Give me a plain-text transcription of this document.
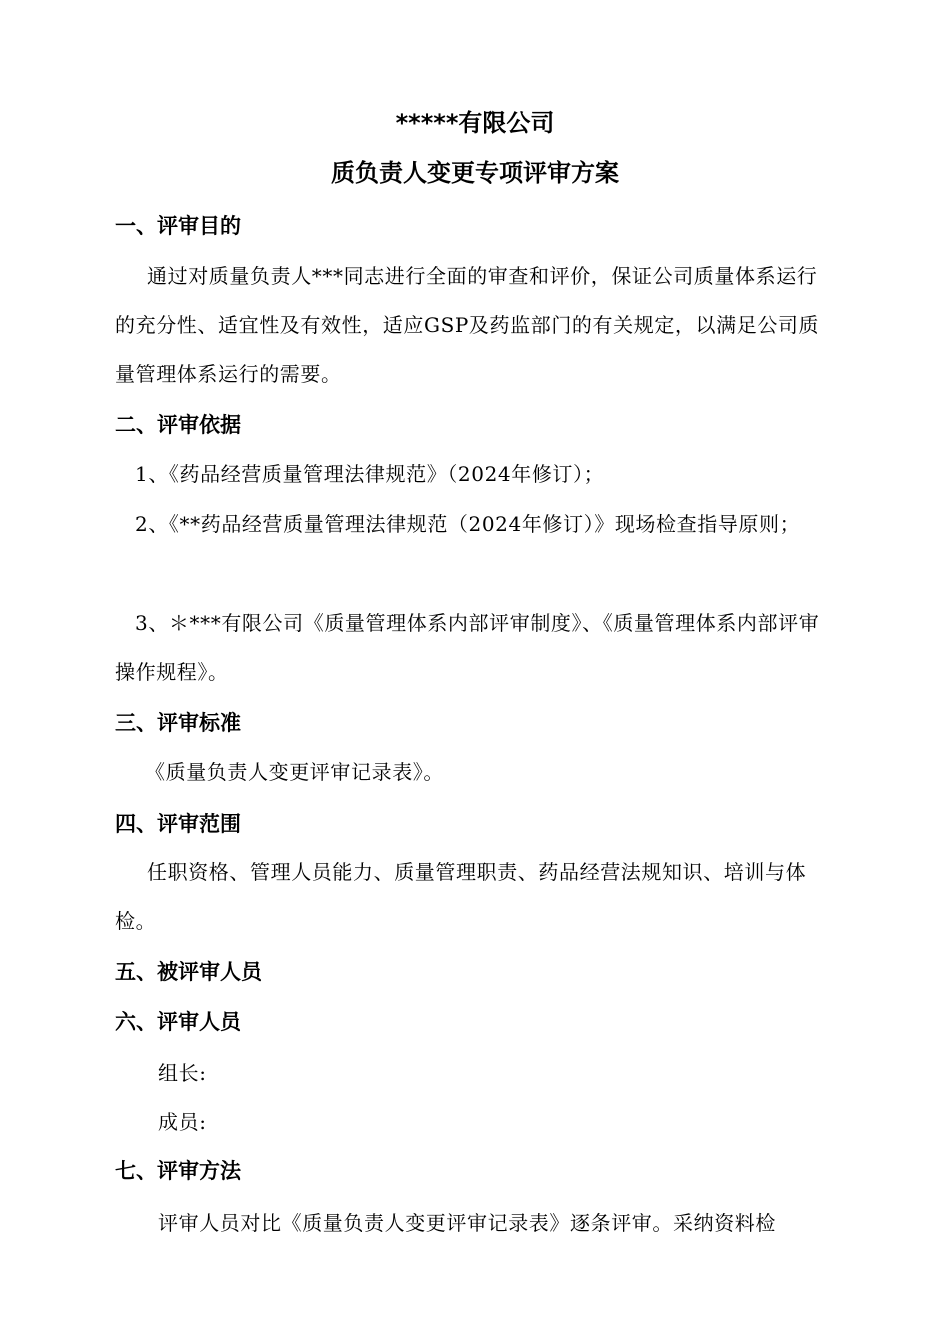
*****有限公司
质负责人变更专项评审方案
一、评审目的
通过对质量负责人***同志进行全面的审查和评价，保证公司质量体系运行的充分性、适宜性及有效性，适应GSP及药监部门的有关规定，以满足公司质量管理体系运行的需要。
二、评审依据
1、《药品经营质量管理法律规范》（2024年修订）；
2、《**药品经营质量管理法律规范（2024年修订）》现场检查指导原则；
3、＊***有限公司《质量管理体系内部评审制度》、《质量管理体系内部评审操作规程》。
三、评审标准
《质量负责人变更评审记录表》。
四、评审范围
任职资格、管理人员能力、质量管理职责、药品经营法规知识、培训与体检。
五、被评审人员
六、评审人员
组长:
成员:
七、评审方法
评审人员对比《质量负责人变更评审记录表》逐条评审。采纳资料检
